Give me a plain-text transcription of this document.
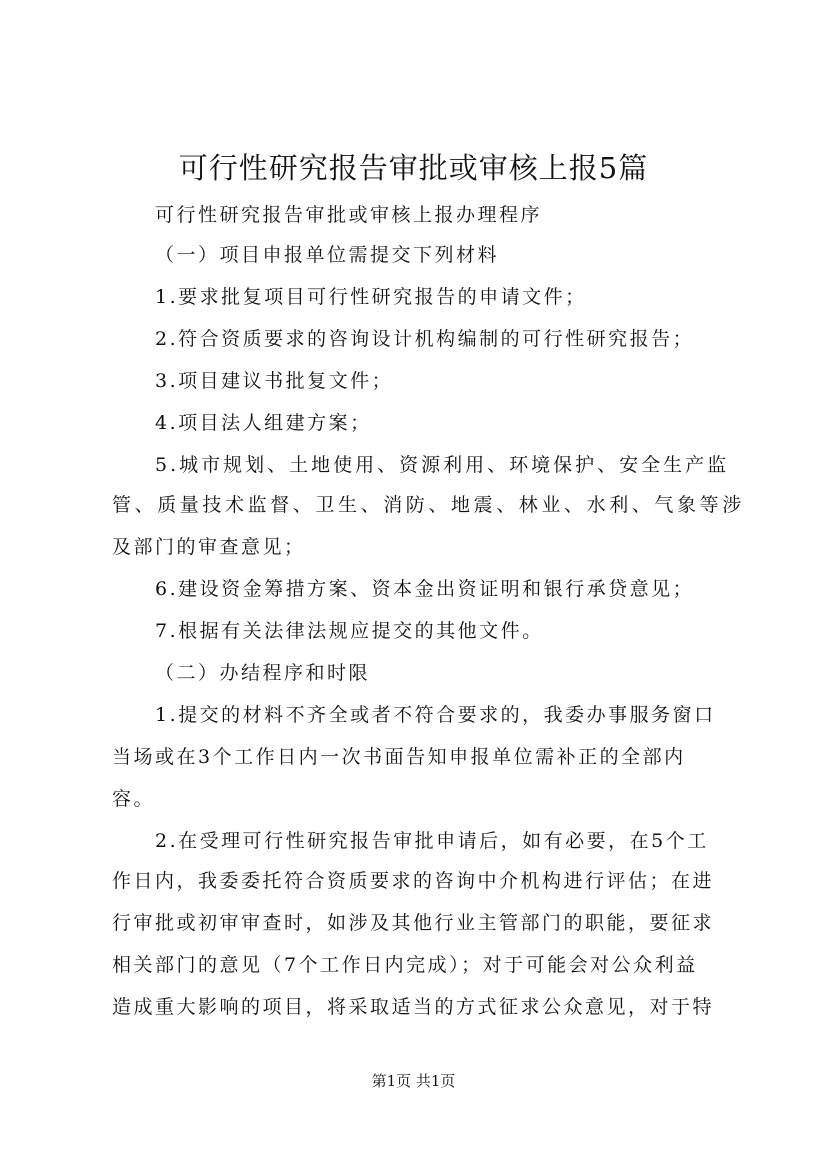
可行性研究报告审批或审核上报5篇
可行性研究报告审批或审核上报办理程序
（一）项目申报单位需提交下列材料
1.要求批复项目可行性研究报告的申请文件；
2.符合资质要求的咨询设计机构编制的可行性研究报告；
3.项目建议书批复文件；
4.项目法人组建方案；
5.城市规划、土地使用、资源利用、环境保护、安全生产监
管、质量技术监督、卫生、消防、地震、林业、水利、气象等涉
及部门的审查意见；
6.建设资金筹措方案、资本金出资证明和银行承贷意见；
7.根据有关法律法规应提交的其他文件。
（二）办结程序和时限
1.提交的材料不齐全或者不符合要求的，我委办事服务窗口
当场或在3个工作日内一次书面告知申报单位需补正的全部内
容。
2.在受理可行性研究报告审批申请后，如有必要，在5个工
作日内，我委委托符合资质要求的咨询中介机构进行评估；在进
行审批或初审审查时，如涉及其他行业主管部门的职能，要征求
相关部门的意见（7个工作日内完成）；对于可能会对公众利益
造成重大影响的项目，将采取适当的方式征求公众意见，对于特
第1页 共1页
